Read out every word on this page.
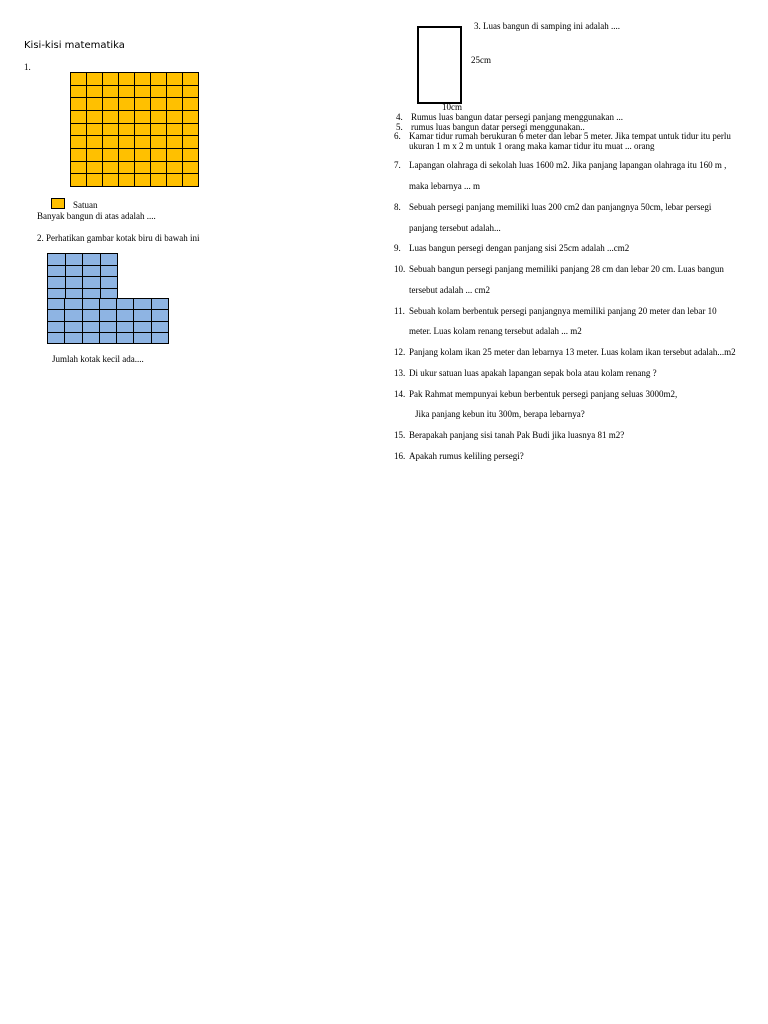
Kisi-kisi matematika
1.
Satuan
Banyak bangun di atas adalah ....
2. Perhatikan gambar kotak biru di bawah ini
Jumlah kotak kecil ada....
3. Luas bangun di samping ini adalah ....
25cm
10cm
4. Rumus luas bangun datar persegi panjang menggunakan ...
5. rumus luas bangun datar persegi menggunakan..
6. Kamar tidur rumah berukuran 6 meter dan lebar 5 meter. Jika tempat untuk tidur itu perlu
ukuran 1 m x 2 m untuk 1 orang maka kamar tidur itu muat ... orang
7. Lapangan olahraga di sekolah luas 1600 m2. Jika panjang lapangan olahraga itu 160 m ,
maka lebarnya ... m
8. Sebuah persegi panjang memiliki luas 200 cm2 dan panjangnya 50cm, lebar persegi
panjang tersebut adalah...
9. Luas bangun persegi dengan panjang sisi 25cm adalah ...cm2
10. Sebuah bangun persegi panjang memiliki panjang 28 cm dan lebar 20 cm. Luas bangun
tersebut adalah ... cm2
11. Sebuah kolam berbentuk persegi panjangnya memiliki panjang 20 meter dan lebar 10
meter. Luas kolam renang tersebut adalah ... m2
12. Panjang kolam ikan 25 meter dan lebarnya 13 meter. Luas kolam ikan tersebut adalah...m2
13. Di ukur satuan luas apakah lapangan sepak bola atau kolam renang ?
14. Pak Rahmat mempunyai kebun berbentuk persegi panjang seluas 3000m2,
Jika panjang kebun itu 300m, berapa lebarnya?
15. Berapakah panjang sisi tanah Pak Budi jika luasnya 81 m2?
16. Apakah rumus keliling persegi?
